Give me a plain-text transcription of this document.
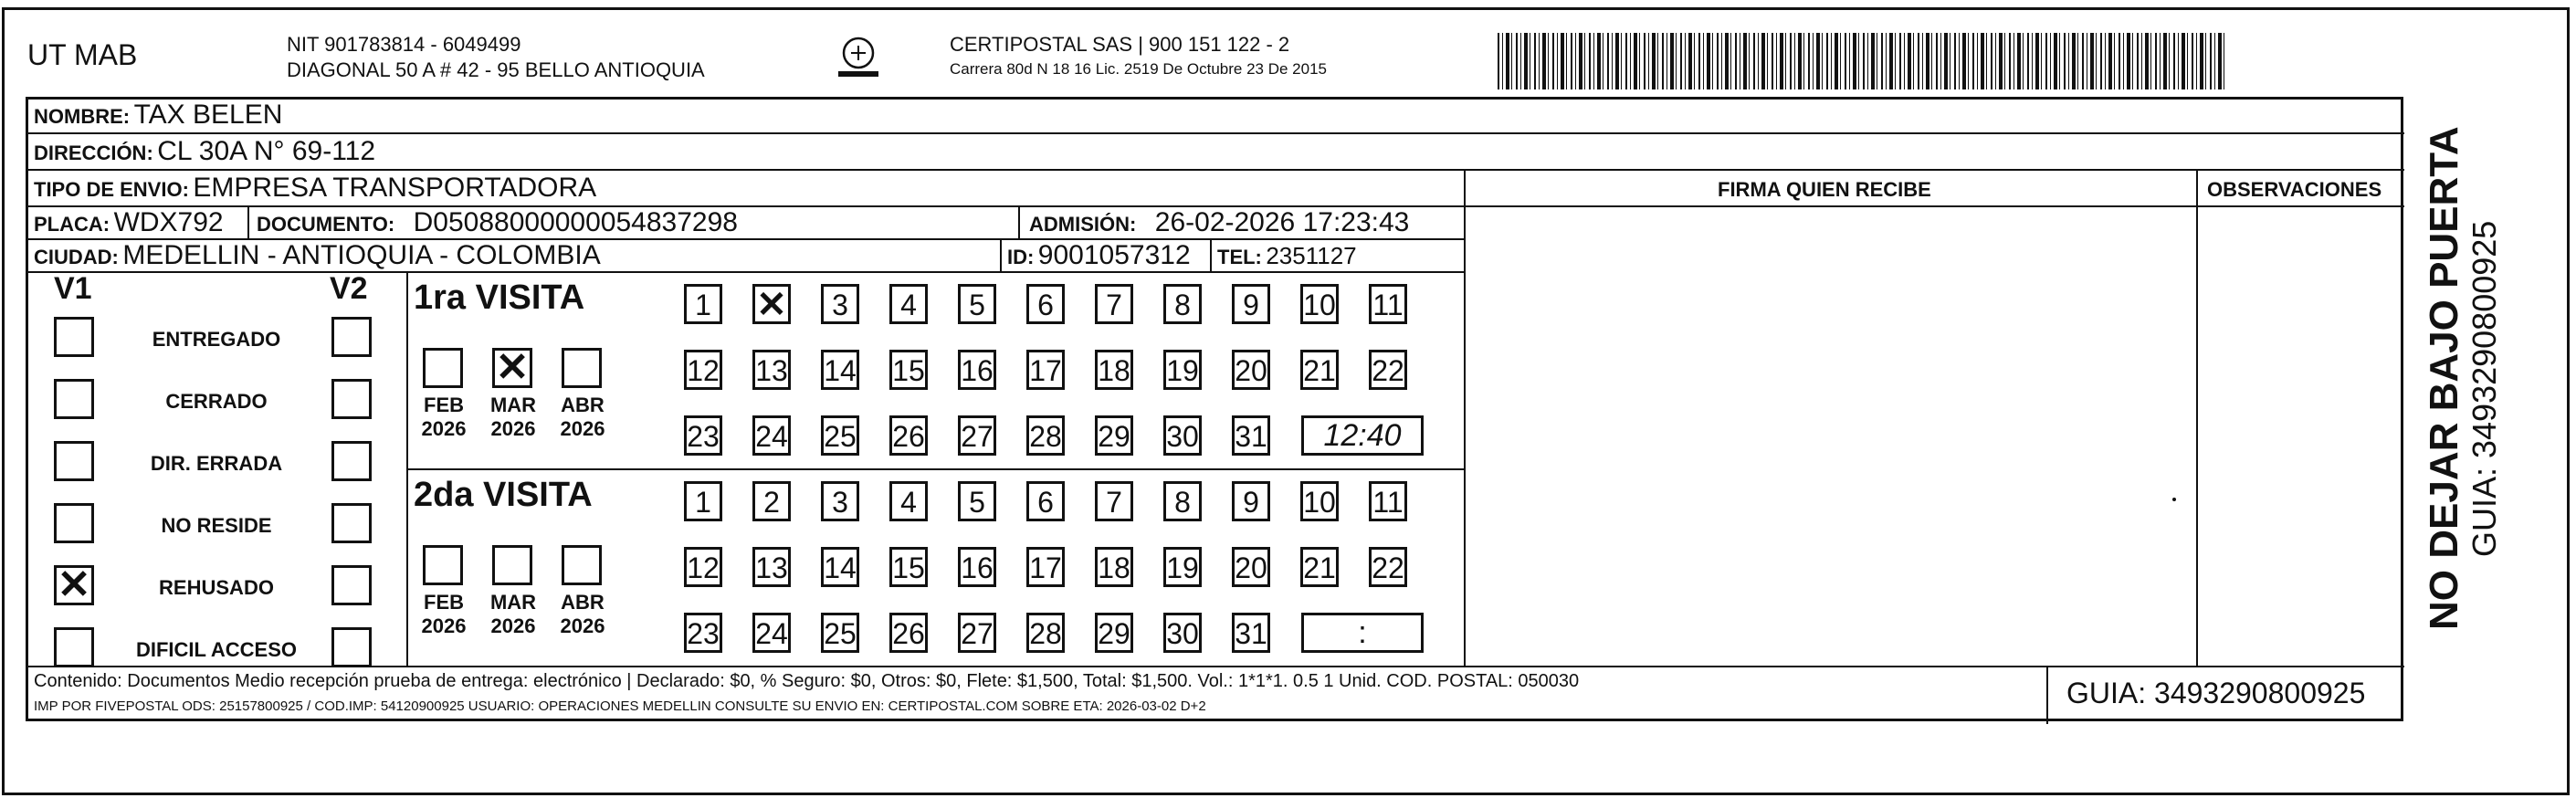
UT MAB	NIT 901783814 - 6049499
DIAGONAL 50 A # 42 - 95 BELLO ANTIOQUIA
CERTIPOSTAL SAS | 900 151 122 - 2
Carrera 80d N 18 16 Lic. 2519 De Octubre 23 De 2015
NOMBRE: TAX BELEN
DIRECCIÓN: CL 30A N° 69-112
TIPO DE ENVIO: EMPRESA TRANSPORTADORA	FIRMA QUIEN RECIBE	OBSERVACIONES
PLACA: WDX792 DOCUMENTO: D05088000000054837298	ADMISIÓN: 26-02-2026 17:23:43
CIUDAD: MEDELLIN - ANTIOQUIA - COLOMBIA	ID: 9001057312 TEL: 2351127
V1	V2
ENTREGADO
CERRADO
DIR. ERRADA
NO RESIDE
✕	REHUSADO
DIFICIL ACCESO
1ra VISITA
2da VISITA
FEB
2026
✕
MAR
2026
ABR
2026
1	✕	3	4	5	6	7	8	9	10 11
12 13 14 15 16 17 18 19 20 21 22
23 24 25 26 27 28 29 30 31	12:40
FEB
2026
MAR
2026
ABR
2026
1	2	3	4	5	6	7	8	9	10 11
12 13 14 15 16 17 18 19 20 21 22
23 24 25 26 27 28 29 30 31	:
Contenido: Documentos Medio recepción prueba de entrega: electrónico | Declarado: $0, % Seguro: $0, Otros: $0, Flete: $1,500, Total: $1,500. Vol.: 1*1*1. 0.5 1 Unid. COD. POSTAL: 050030
IMP POR FIVEPOSTAL ODS: 25157800925 / COD.IMP: 54120900925 USUARIO: OPERACIONES MEDELLIN CONSULTE SU ENVIO EN: CERTIPOSTAL.COM SOBRE ETA: 2026-03-02 D+2	GUIA: 3493290800925
NO DEJAR BAJO PUERTA GUIA: 3493290800925
